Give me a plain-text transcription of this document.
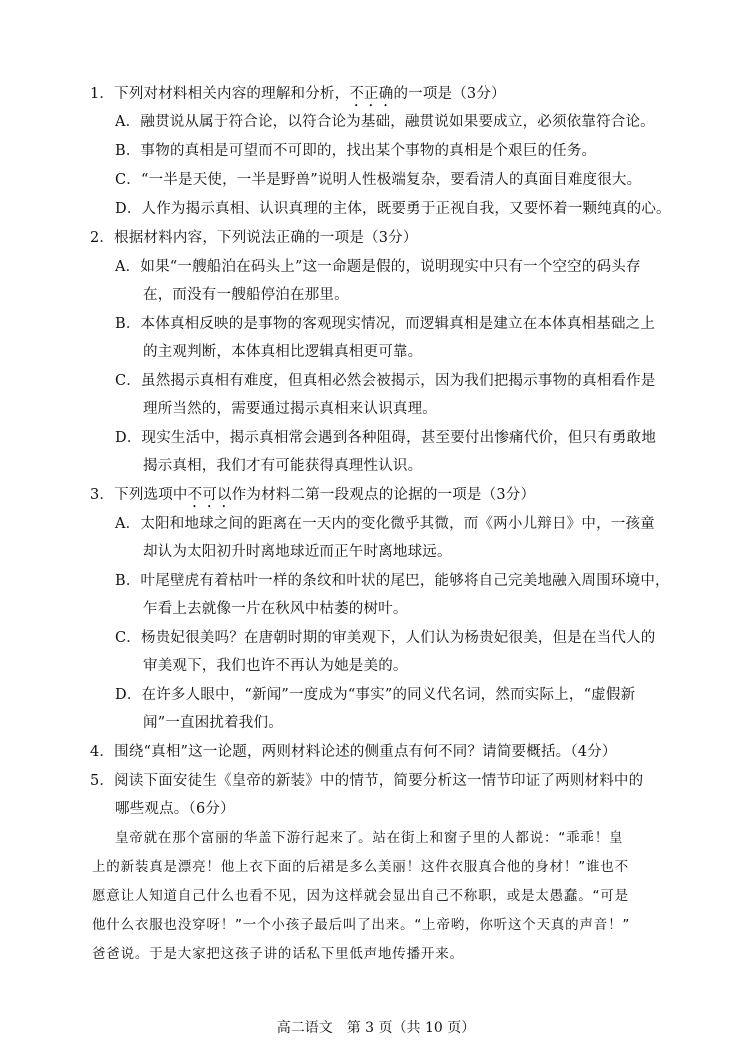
1．下列对材料相关内容的理解和分析，不正确的一项是（3分）
A．融贯说从属于符合论，以符合论为基础，融贯说如果要成立，必须依靠符合论。
B．事物的真相是可望而不可即的，找出某个事物的真相是个艰巨的任务。
C．“一半是天使，一半是野兽”说明人性极端复杂，要看清人的真面目难度很大。
D．人作为揭示真相、认识真理的主体，既要勇于正视自我，又要怀着一颗纯真的心。
2．根据材料内容，下列说法正确的一项是（3分）
A．如果“一艘船泊在码头上”这一命题是假的，说明现实中只有一个空空的码头存
在，而没有一艘船停泊在那里。
B．本体真相反映的是事物的客观现实情况，而逻辑真相是建立在本体真相基础之上
的主观判断，本体真相比逻辑真相更可靠。
C．虽然揭示真相有难度，但真相必然会被揭示，因为我们把揭示事物的真相看作是
理所当然的，需要通过揭示真相来认识真理。
D．现实生活中，揭示真相常会遇到各种阻碍，甚至要付出惨痛代价，但只有勇敢地
揭示真相，我们才有可能获得真理性认识。
3．下列选项中不可以作为材料二第一段观点的论据的一项是（3分）
A．太阳和地球之间的距离在一天内的变化微乎其微，而《两小儿辩日》中，一孩童
却认为太阳初升时离地球近而正午时离地球远。
B．叶尾壁虎有着枯叶一样的条纹和叶状的尾巴，能够将自己完美地融入周围环境中，
乍看上去就像一片在秋风中枯萎的树叶。
C．杨贵妃很美吗？在唐朝时期的审美观下，人们认为杨贵妃很美，但是在当代人的
审美观下，我们也许不再认为她是美的。
D．在许多人眼中，“新闻”一度成为“事实”的同义代名词，然而实际上，“虚假新
闻”一直困扰着我们。
4．围绕“真相”这一论题，两则材料论述的侧重点有何不同？请简要概括。（4分）
5．阅读下面安徒生《皇帝的新装》中的情节，简要分析这一情节印证了两则材料中的
哪些观点。（6分）
皇帝就在那个富丽的华盖下游行起来了。站在街上和窗子里的人都说：“乖乖！皇
上的新装真是漂亮！他上衣下面的后裙是多么美丽！这件衣服真合他的身材！”谁也不
愿意让人知道自己什么也看不见，因为这样就会显出自己不称职，或是太愚蠢。“可是
他什么衣服也没穿呀！”一个小孩子最后叫了出来。“上帝哟，你听这个天真的声音！”
爸爸说。于是大家把这孩子讲的话私下里低声地传播开来。
高二语文　第 3 页（共 10 页）
